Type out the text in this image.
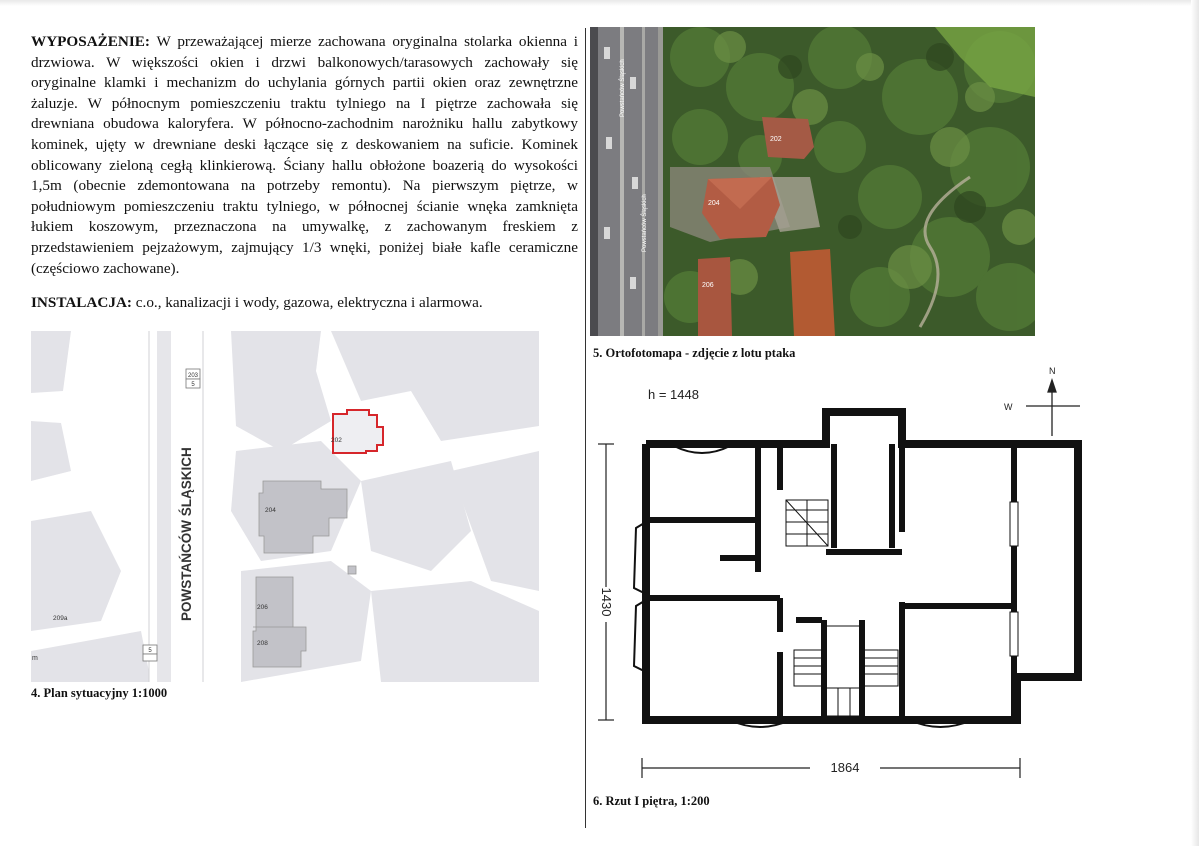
WYPOSAŻENIE: W przeważającej mierze zachowana oryginalna stolarka okienna i drzwiowa. W większości okien i drzwi balkonowych/tarasowych zachowały się oryginalne klamki i mechanizm do uchylania górnych partii okien oraz zewnętrzne żaluzje. W północnym pomieszczeniu traktu tylniego na I piętrze zachowała się drewniana obudowa kaloryfera. W północno-zachodnim narożniku hallu zabytkowy kominek, ujęty w drewniane deski łączące się z deskowaniem na suficie. Kominek oblicowany zieloną cegłą klinkierową. Ściany hallu obłożone boazerią do wysokości 1,5m (obecnie zdemontowana na potrzeby remontu). Na pierwszym piętrze, w południowym pomieszczeniu traktu tylniego, w północnej ścianie wnęka zamknięta łukiem koszowym, przeznaczona na umywalkę, z zachowanym freskiem z przedstawieniem pejzażowym, zajmujący 1/3 wnęki, poniżej białe kafle ceramiczne (częściowo zachowane).
INSTALACJA: c.o., kanalizacji i wody, gazowa, elektryczna i alarmowa.
203
5
5
POWSTAŃCÓW ŚLĄSKICH
202
204
206
208
209a
m
4. Plan sytuacyjny 1:1000
Powstańców Śląskich
Powstańców Śląskich
202
204
206
5. Ortofotomapa - zdjęcie z lotu ptaka
h = 1448
N
W
1430
1864
6. Rzut I piętra, 1:200
